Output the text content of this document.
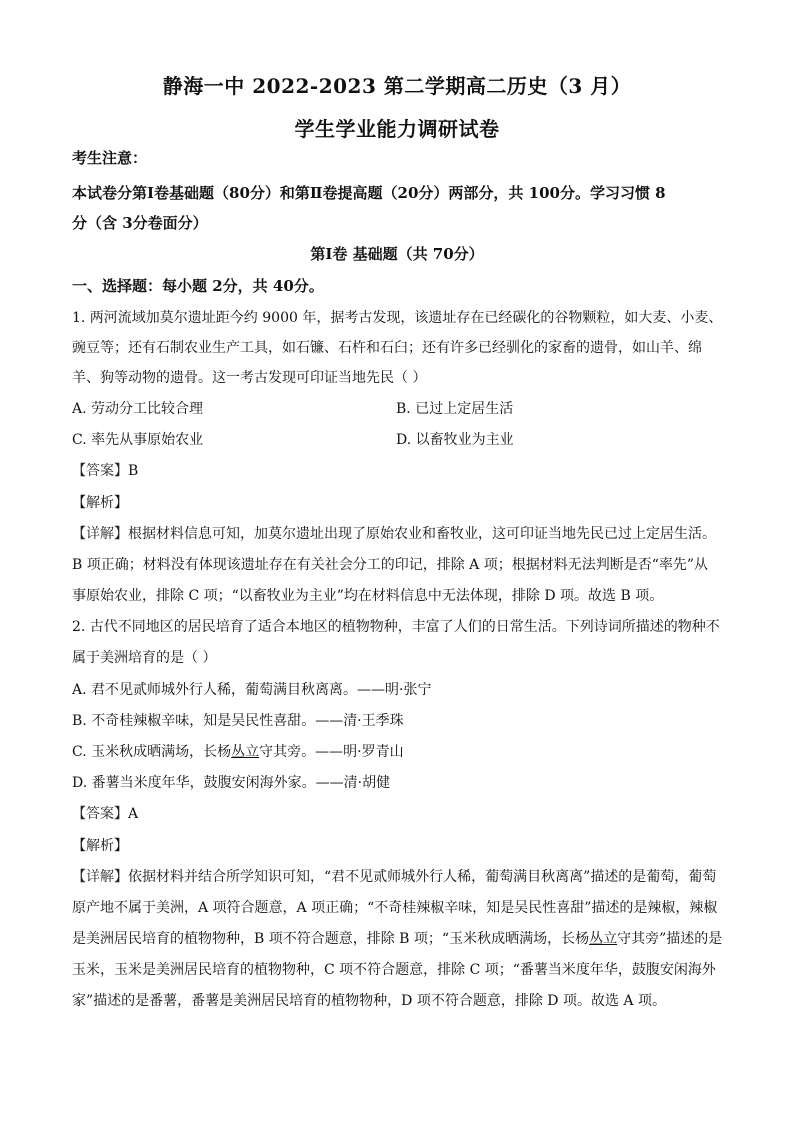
静海一中 2022-2023 第二学期高二历史（3 月）
学生学业能力调研试卷
考生注意：
本试卷分第Ⅰ卷基础题（80分）和第Ⅱ卷提高题（20分）两部分，共 100分。学习习惯 8
分（含 3分卷面分）
第Ⅰ卷 基础题（共 70分）
一、选择题：每小题 2分，共 40分。
1. 两河流域加莫尔遗址距今约 9000 年，据考古发现，该遗址存在已经碳化的谷物颗粒，如大麦、小麦、
豌豆等；还有石制农业生产工具，如石镰、石杵和石臼；还有许多已经驯化的家畜的遗骨，如山羊、绵
羊、狗等动物的遗骨。这一考古发现可印证当地先民（ ）
A. 劳动分工比较合理	B. 已过上定居生活
C. 率先从事原始农业	D. 以畜牧业为主业
【答案】B
【解析】
【详解】根据材料信息可知，加莫尔遗址出现了原始农业和畜牧业，这可印证当地先民已过上定居生活。
B 项正确；材料没有体现该遗址存在有关社会分工的印记，排除 A 项；根据材料无法判断是否“率先”从
事原始农业，排除 C 项；“以畜牧业为主业”均在材料信息中无法体现，排除 D 项。故选 B 项。
2. 古代不同地区的居民培育了适合本地区的植物物种，丰富了人们的日常生活。下列诗词所描述的物种不
属于美洲培育的是（ ）
A. 君不见贰师城外行人稀，葡萄满目秋离离。——明·张宁
B. 不奇桂辣椒辛味，知是吴民性喜甜。——清·王季珠
C. 玉米秋成晒满场，长杨丛立守其旁。——明·罗青山
D. 番薯当米度年华，鼓腹安闲海外家。——清·胡健
【答案】A
【解析】
【详解】依据材料并结合所学知识可知，“君不见贰师城外行人稀，葡萄满目秋离离”描述的是葡萄，葡萄
原产地不属于美洲，A 项符合题意，A 项正确；“不奇桂辣椒辛味，知是吴民性喜甜”描述的是辣椒，辣椒
是美洲居民培育的植物物种，B 项不符合题意，排除 B 项；“玉米秋成晒满场，长杨丛立守其旁”描述的是
玉米，玉米是美洲居民培育的植物物种，C 项不符合题意，排除 C 项；“番薯当米度年华，鼓腹安闲海外
家”描述的是番薯，番薯是美洲居民培育的植物物种，D 项不符合题意，排除 D 项。故选 A 项。
